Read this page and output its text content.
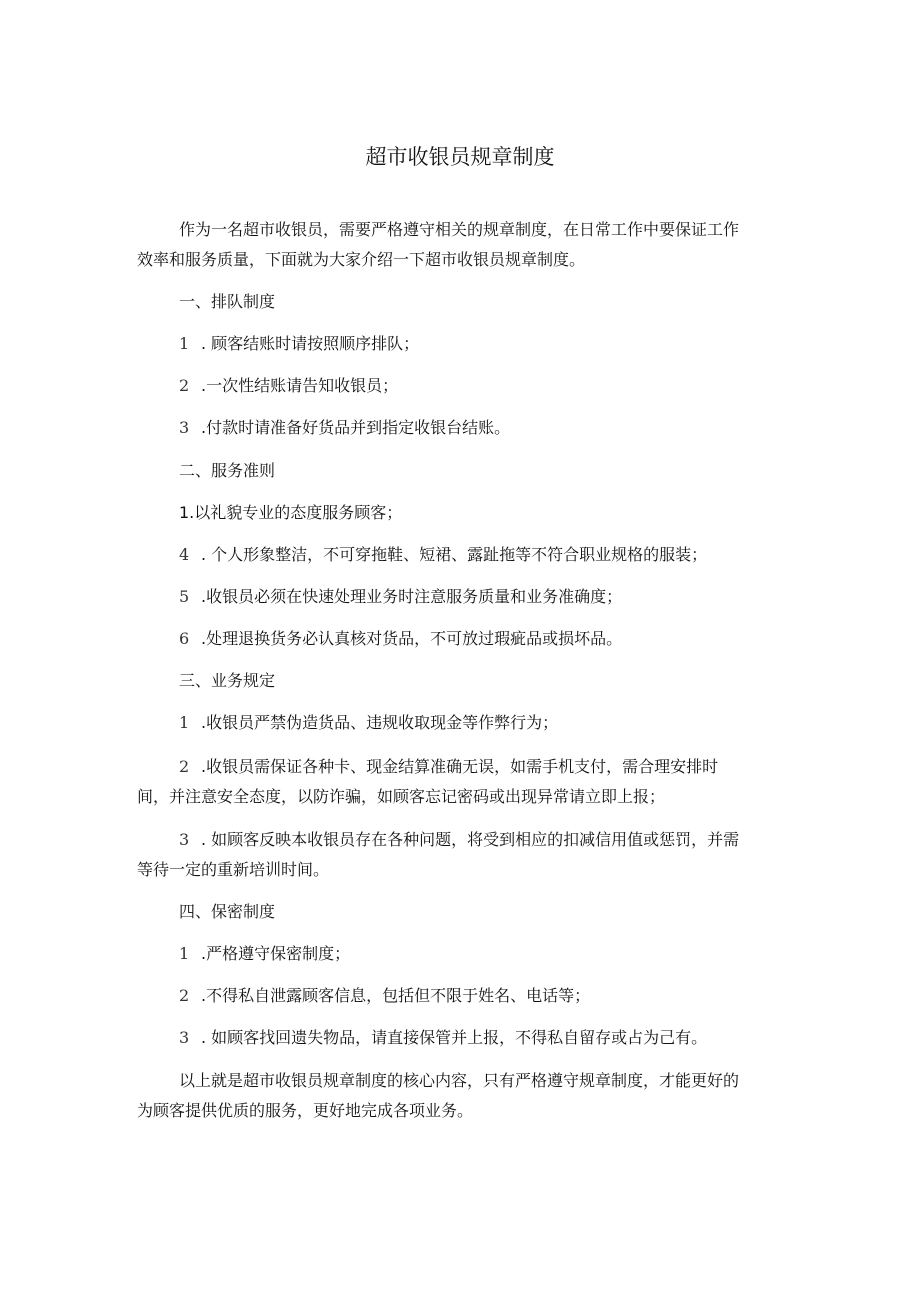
超市收银员规章制度
作为一名超市收银员，需要严格遵守相关的规章制度，在日常工作中要保证工作
效率和服务质量，下面就为大家介绍一下超市收银员规章制度。
一、排队制度
1 . 顾客结账时请按照顺序排队；
2 .一次性结账请告知收银员；
3 .付款时请准备好货品并到指定收银台结账。
二、服务准则
1.以礼貌专业的态度服务顾客；
4 . 个人形象整洁，不可穿拖鞋、短裙、露趾拖等不符合职业规格的服装；
5 .收银员必须在快速处理业务时注意服务质量和业务准确度；
6 .处理退换货务必认真核对货品，不可放过瑕疵品或损坏品。
三、业务规定
1 .收银员严禁伪造货品、违规收取现金等作弊行为；
2 .收银员需保证各种卡、现金结算准确无误，如需手机支付，需合理安排时
间，并注意安全态度，以防诈骗，如顾客忘记密码或出现异常请立即上报；
3 . 如顾客反映本收银员存在各种问题，将受到相应的扣减信用值或惩罚，并需
等待一定的重新培训时间。
四、保密制度
1 .严格遵守保密制度；
2 .不得私自泄露顾客信息，包括但不限于姓名、电话等；
3 . 如顾客找回遗失物品，请直接保管并上报，不得私自留存或占为己有。
以上就是超市收银员规章制度的核心内容，只有严格遵守规章制度，才能更好的
为顾客提供优质的服务，更好地完成各项业务。
